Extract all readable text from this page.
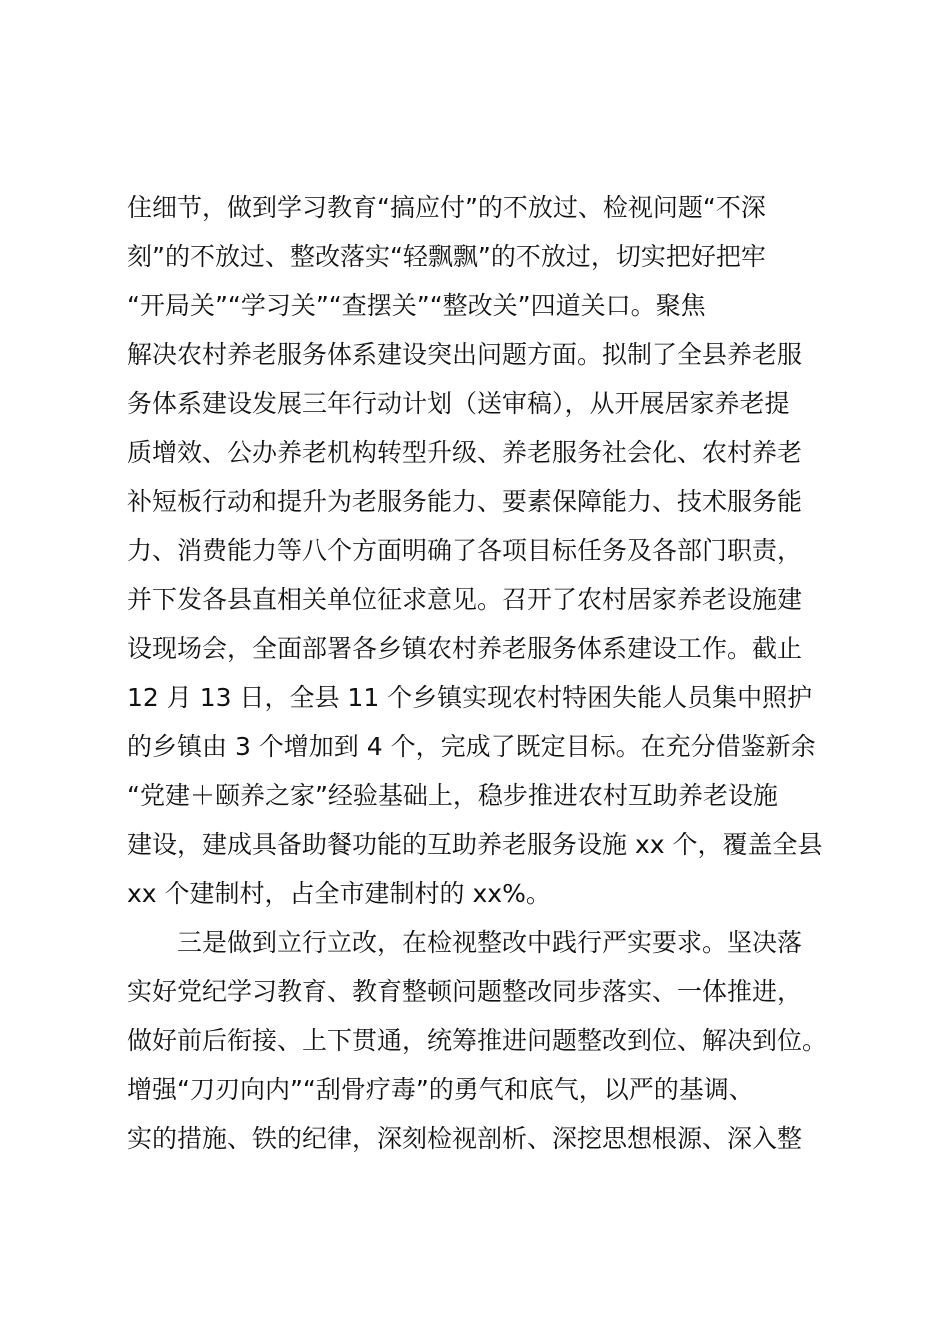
住细节，做到学习教育“搞应付”的不放过、检视问题“不深
刻”的不放过、整改落实“轻飘飘”的不放过，切实把好把牢
“开局关”“学习关”“查摆关”“整改关”四道关口。聚焦
解决农村养老服务体系建设突出问题方面。拟制了全县养老服
务体系建设发展三年行动计划（送审稿），从开展居家养老提
质增效、公办养老机构转型升级、养老服务社会化、农村养老
补短板行动和提升为老服务能力、要素保障能力、技术服务能
力、消费能力等八个方面明确了各项目标任务及各部门职责，
并下发各县直相关单位征求意见。召开了农村居家养老设施建
设现场会，全面部署各乡镇农村养老服务体系建设工作。截止
12 月 13 日，全县 11 个乡镇实现农村特困失能人员集中照护
的乡镇由 3 个增加到 4 个，完成了既定目标。在充分借鉴新余
“党建＋颐养之家”经验基础上，稳步推进农村互助养老设施
建设，建成具备助餐功能的互助养老服务设施 xx 个，覆盖全县
xx 个建制村，占全市建制村的 xx%。
　　三是做到立行立改，在检视整改中践行严实要求。坚决落
实好党纪学习教育、教育整顿问题整改同步落实、一体推进，
做好前后衔接、上下贯通，统筹推进问题整改到位、解决到位。
增强“刀刃向内”“刮骨疗毒”的勇气和底气，以严的基调、
实的措施、铁的纪律，深刻检视剖析、深挖思想根源、深入整
